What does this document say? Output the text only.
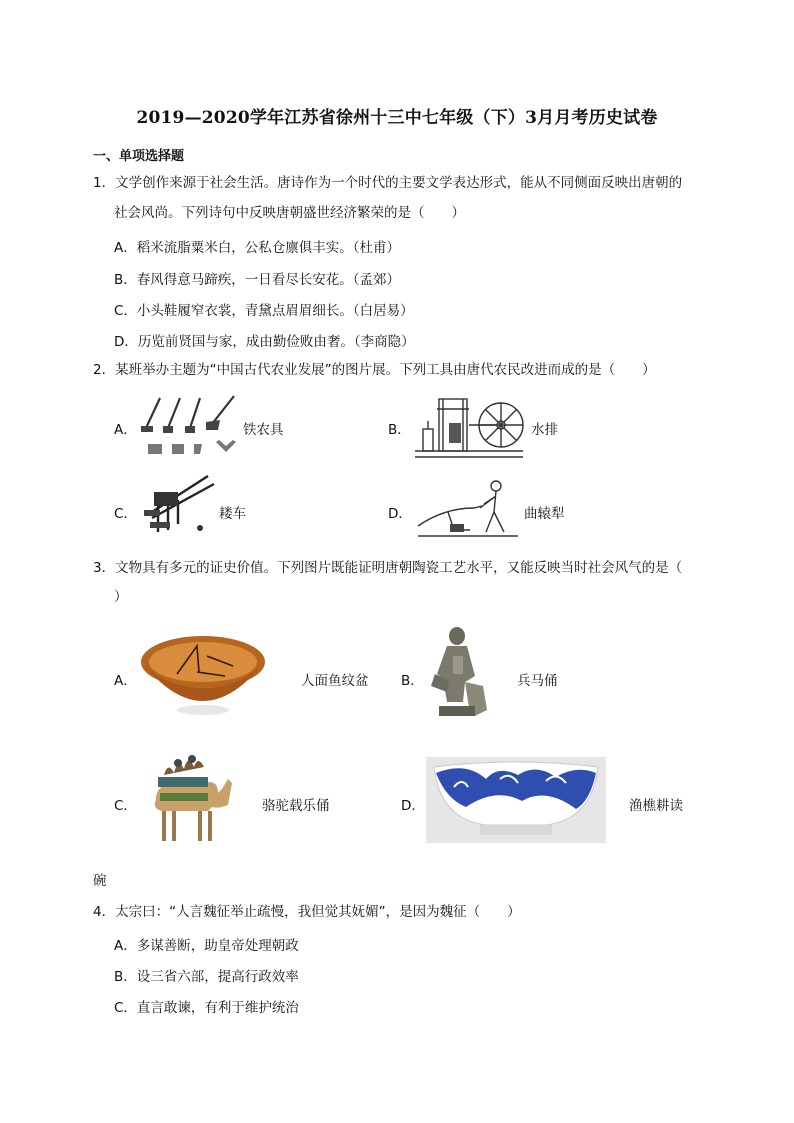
2019—2020学年江苏省徐州十三中七年级（下）3月月考历史试卷
一、单项选择题
1．文学创作来源于社会生活。唐诗作为一个时代的主要文学表达形式，能从不同侧面反映出唐朝的
社会风尚。下列诗句中反映唐朝盛世经济繁荣的是（　　）
A．稻米流脂粟米白，公私仓廪俱丰实。（杜甫）
B．春风得意马蹄疾，一日看尽长安花。（孟郊）
C．小头鞋履窄衣裳，青黛点眉眉细长。（白居易）
D．历览前贤国与家，成由勤俭败由奢。（李商隐）
2．某班举办主题为“中国古代农业发展”的图片展。下列工具由唐代农民改进而成的是（　　）
A．	铁农具	B．	水排
C．	耧车	D．	曲辕犁
3．文物具有多元的证史价值。下列图片既能证明唐朝陶瓷工艺水平，又能反映当时社会风气的是（
）
A．	人面鱼纹盆 B．	兵马俑
C．	骆驼载乐俑	D．	渔樵耕读
碗
4．太宗曰：“人言魏征举止疏慢，我但觉其妩媚”，是因为魏征（　　）
A．多谋善断，助皇帝处理朝政
B．设三省六部，提高行政效率
C．直言敢谏，有利于维护统治
